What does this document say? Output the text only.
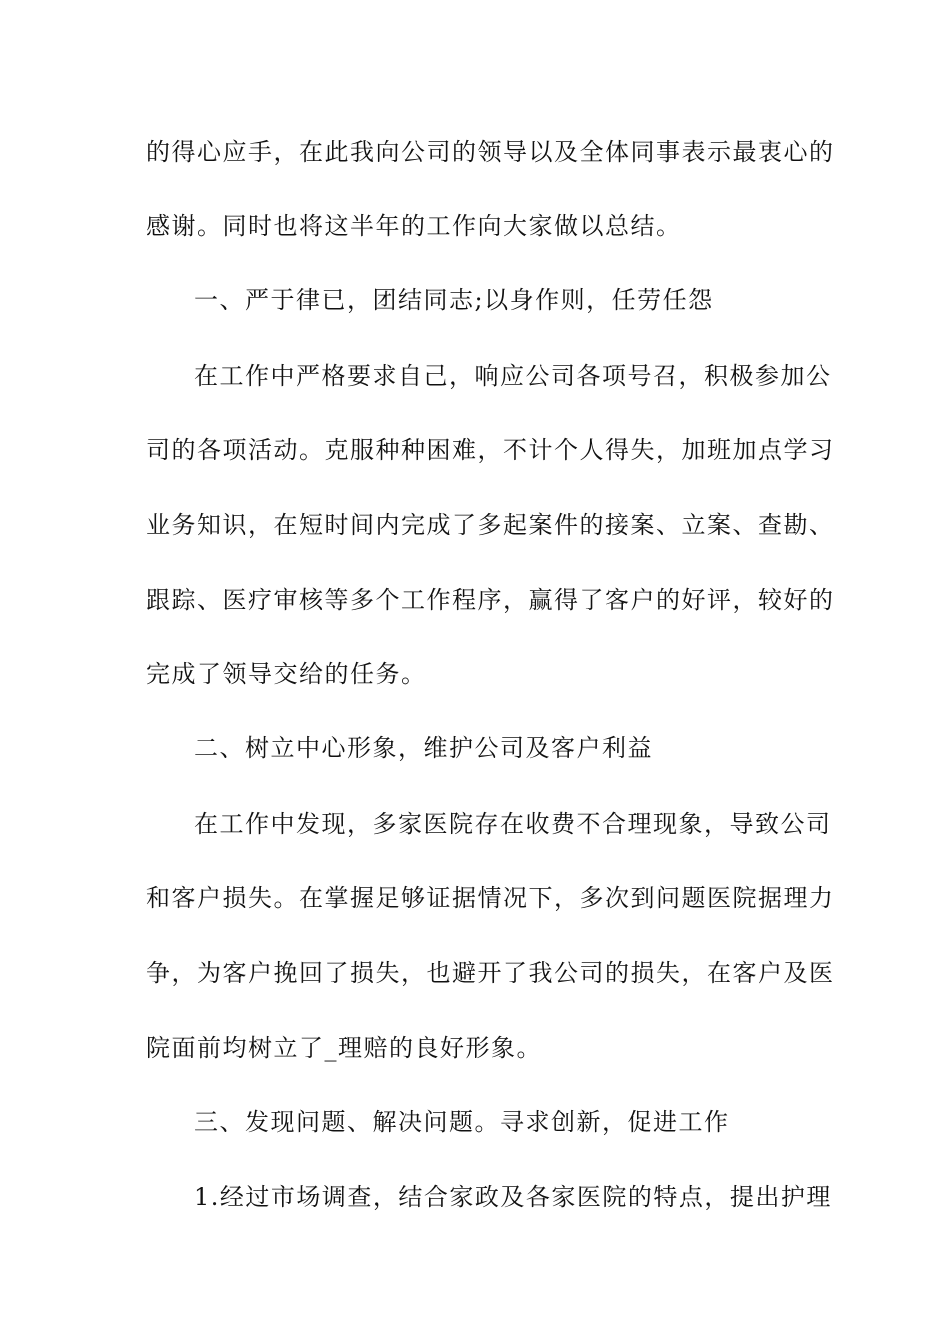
的得心应手，在此我向公司的领导以及全体同事表示最衷心的
感谢。同时也将这半年的工作向大家做以总结。
一、严于律已，团结同志;以身作则，任劳任怨
在工作中严格要求自己，响应公司各项号召，积极参加公
司的各项活动。克服种种困难，不计个人得失，加班加点学习
业务知识，在短时间内完成了多起案件的接案、立案、查勘、
跟踪、医疗审核等多个工作程序，赢得了客户的好评，较好的
完成了领导交给的任务。
二、树立中心形象，维护公司及客户利益
在工作中发现，多家医院存在收费不合理现象，导致公司
和客户损失。在掌握足够证据情况下，多次到问题医院据理力
争，为客户挽回了损失，也避开了我公司的损失，在客户及医
院面前均树立了_理赔的良好形象。
三、发现问题、解决问题。寻求创新，促进工作
1.经过市场调查，结合家政及各家医院的特点，提出护理
